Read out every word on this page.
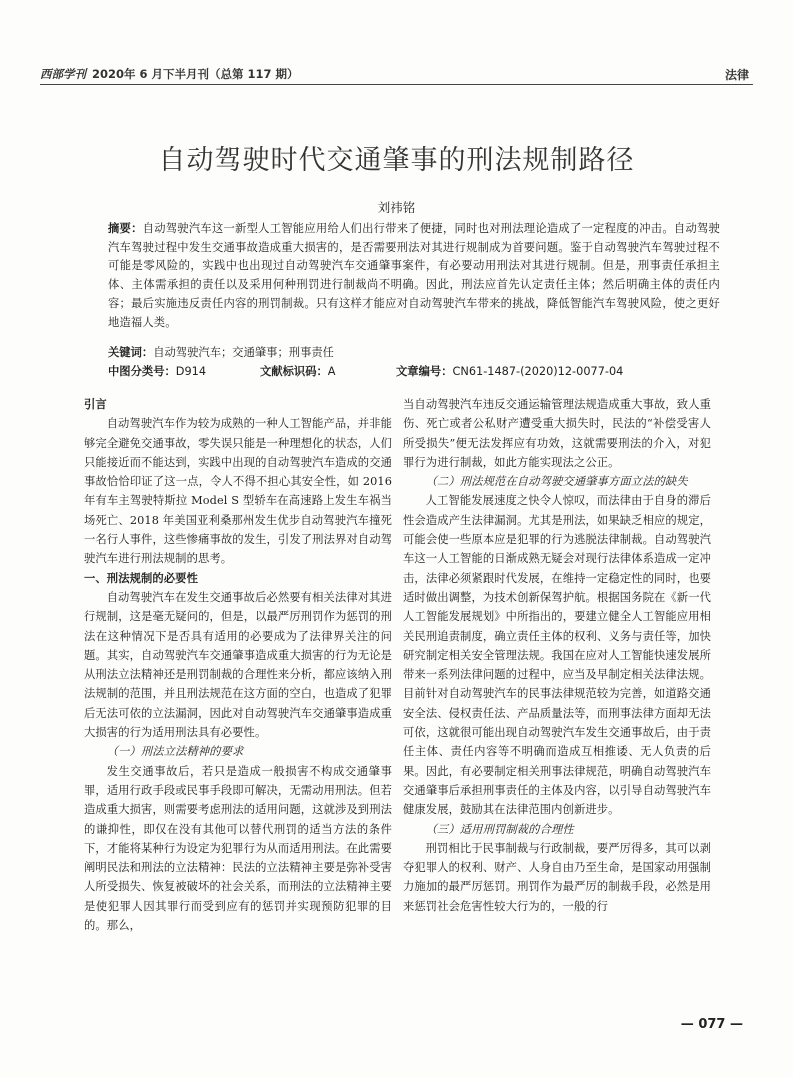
西部学刊 2020年 6 月下半月刊（总第 117 期）	法律
自动驾驶时代交通肇事的刑法规制路径
刘祎铭
摘要：自动驾驶汽车这一新型人工智能应用给人们出行带来了便捷，同时也对刑法理论造成了一定程度的冲击。自动驾驶汽车驾驶过程中发生交通事故造成重大损害的，是否需要刑法对其进行规制成为首要问题。鉴于自动驾驶汽车驾驶过程不可能是零风险的，实践中也出现过自动驾驶汽车交通肇事案件，有必要动用刑法对其进行规制。但是，刑事责任承担主体、主体需承担的责任以及采用何种刑罚进行制裁尚不明确。因此，刑法应首先认定责任主体；然后明确主体的责任内容；最后实施违反责任内容的刑罚制裁。只有这样才能应对自动驾驶汽车带来的挑战，降低智能汽车驾驶风险，使之更好地造福人类。
关键词：自动驾驶汽车；交通肇事；刑事责任
中图分类号：D914	文献标识码：A	文章编号：CN61-1487-(2020)12-0077-04

引言

自动驾驶汽车作为较为成熟的一种人工智能产品，并非能够完全避免交通事故，零失误只能是一种理想化的状态，人们只能接近而不能达到，实践中出现的自动驾驶汽车造成的交通事故恰恰印证了这一点，令人不得不担心其安全性，如 2016 年有车主驾驶特斯拉 Model S 型轿车在高速路上发生车祸当场死亡、2018 年美国亚利桑那州发生优步自动驾驶汽车撞死一名行人事件，这些惨痛事故的发生，引发了刑法界对自动驾驶汽车进行刑法规制的思考。

一、刑法规制的必要性

自动驾驶汽车在发生交通事故后必然要有相关法律对其进行规制，这是毫无疑问的，但是，以最严厉刑罚作为惩罚的刑法在这种情况下是否具有适用的必要成为了法律界关注的问题。其实，自动驾驶汽车交通肇事造成重大损害的行为无论是从刑法立法精神还是刑罚制裁的合理性来分析，都应该纳入刑法规制的范围，并且刑法规范在这方面的空白，也造成了犯罪后无法可依的立法漏洞，因此对自动驾驶汽车交通肇事造成重大损害的行为适用刑法具有必要性。

（一）刑法立法精神的要求

发生交通事故后，若只是造成一般损害不构成交通肇事罪，适用行政手段或民事手段即可解决，无需动用刑法。但若造成重大损害，则需要考虑刑法的适用问题，这就涉及到刑法的谦抑性，即仅在没有其他可以替代刑罚的适当方法的条件下，才能将某种行为设定为犯罪行为从而适用刑法。在此需要阐明民法和刑法的立法精神：民法的立法精神主要是弥补受害人所受损失、恢复被破坏的社会关系，而刑法的立法精神主要是使犯罪人因其罪行而受到应有的惩罚并实现预防犯罪的目的。那么，

当自动驾驶汽车违反交通运输管理法规造成重大事故，致人重伤、死亡或者公私财产遭受重大损失时，民法的“补偿受害人所受损失”便无法发挥应有功效，这就需要刑法的介入，对犯罪行为进行制裁，如此方能实现法之公正。

（二）刑法规范在自动驾驶交通肇事方面立法的缺失

人工智能发展速度之快令人惊叹，而法律由于自身的滞后性会造成产生法律漏洞。尤其是刑法，如果缺乏相应的规定，可能会使一些原本应是犯罪的行为逃脱法律制裁。自动驾驶汽车这一人工智能的日渐成熟无疑会对现行法律体系造成一定冲击，法律必须紧跟时代发展，在维持一定稳定性的同时，也要适时做出调整，为技术创新保驾护航。根据国务院在《新一代人工智能发展规划》中所指出的，要建立健全人工智能应用相关民刑追责制度，确立责任主体的权利、义务与责任等，加快研究制定相关安全管理法规。我国在应对人工智能快速发展所带来一系列法律问题的过程中，应当及早制定相关法律法规。目前针对自动驾驶汽车的民事法律规范较为完善，如道路交通安全法、侵权责任法、产品质量法等，而刑事法律方面却无法可依，这就很可能出现自动驾驶汽车发生交通事故后，由于责任主体、责任内容等不明确而造成互相推诿、无人负责的后果。因此，有必要制定相关刑事法律规范，明确自动驾驶汽车交通肇事后承担刑事责任的主体及内容，以引导自动驾驶汽车健康发展，鼓励其在法律范围内创新进步。

（三）适用刑罚制裁的合理性

刑罚相比于民事制裁与行政制裁，要严厉得多，其可以剥夺犯罪人的权利、财产、人身自由乃至生命，是国家动用强制力施加的最严厉惩罚。刑罚作为最严厉的制裁手段，必然是用来惩罚社会危害性较大行为的，一般的行

— 077 —
